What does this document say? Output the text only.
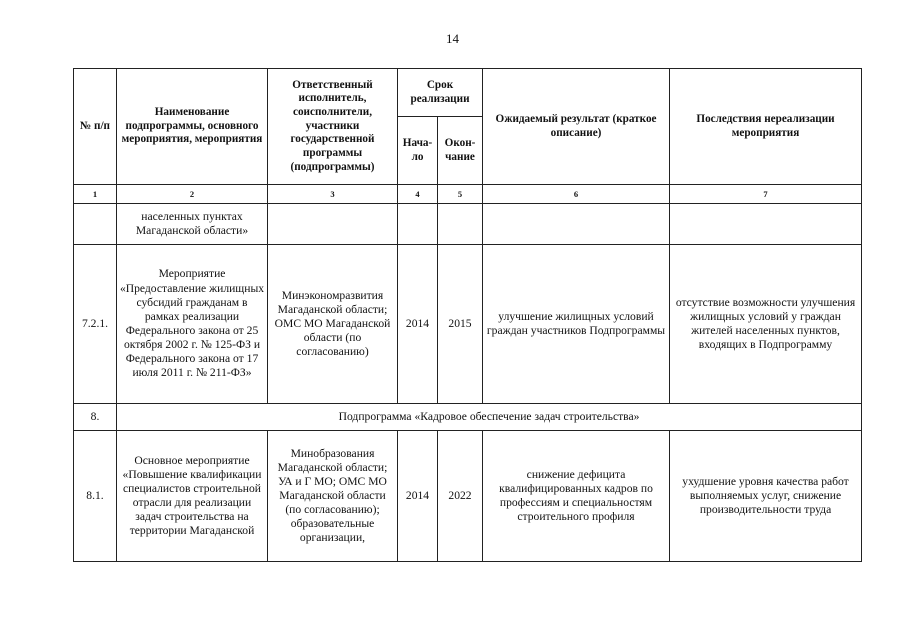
14
№ п/п	Наименование подпрограммы, основного мероприятия, мероприятия	Ответственный исполнитель, соисполнители, участники государственной программы (подпрограммы)	Срок реализации		Ожидаемый результат (краткое описание)	Последствия нереализации мероприятия
			Нача-ло	Окон-чание		
1	2	3	4	5	6	7
	населенных пунктах Магаданской области»					
7.2.1.	Мероприятие «Предоставление жилищных субсидий гражданам в рамках реализации Федерального закона от 25 октября 2002 г. № 125-ФЗ и Федерального закона от 17 июля 2011 г. № 211-ФЗ»	Минэкономразвития Магаданской области; ОМС МО Магаданской области (по согласованию)	2014	2015	улучшение жилищных условий граждан участников Подпрограммы	отсутствие возможности улучшения жилищных условий у граждан жителей населенных пунктов, входящих в Подпрограмму
8.	Подпрограмма «Кадровое обеспечение задач строительства»					
8.1.	Основное мероприятие «Повышение квалификации специалистов строительной отрасли для реализации задач строительства на территории Магаданской	Минобразования Магаданской области; УА и Г МО; ОМС МО Магаданской области (по согласованию); образовательные организации,	2014	2022	снижение дефицита квалифицированных кадров по профессиям и специальностям строительного профиля	ухудшение уровня качества работ выполняемых услуг, снижение производительности труда
